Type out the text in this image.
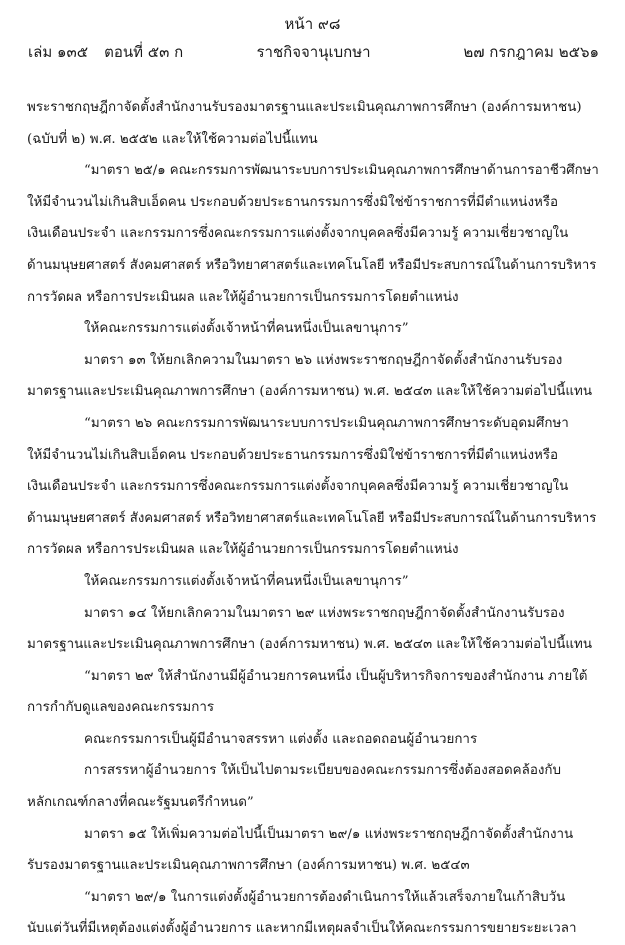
หน้า ๙๘
เล่ม ๑๓๕ ตอนที่ ๕๓ ก	ราชกิจจานุเบกษา	๒๗ กรกฎาคม ๒๕๖๑
พระราชกฤษฎีกาจัดตั้งสำนักงานรับรองมาตรฐานและประเมินคุณภาพการศึกษา (องค์การมหาชน)
(ฉบับที่ ๒) พ.ศ. ๒๕๕๒ และให้ใช้ความต่อไปนี้แทน
“มาตรา ๒๕/๑ คณะกรรมการพัฒนาระบบการประเมินคุณภาพการศึกษาด้านการอาชีวศึกษา
ให้มีจำนวนไม่เกินสิบเอ็ดคน ประกอบด้วยประธานกรรมการซึ่งมิใช่ข้าราชการที่มีตำแหน่งหรือ
เงินเดือนประจำ และกรรมการซึ่งคณะกรรมการแต่งตั้งจากบุคคลซึ่งมีความรู้ ความเชี่ยวชาญใน
ด้านมนุษยศาสตร์ สังคมศาสตร์ หรือวิทยาศาสตร์และเทคโนโลยี หรือมีประสบการณ์ในด้านการบริหาร
การวัดผล หรือการประเมินผล และให้ผู้อำนวยการเป็นกรรมการโดยตำแหน่ง
ให้คณะกรรมการแต่งตั้งเจ้าหน้าที่คนหนึ่งเป็นเลขานุการ”
มาตรา ๑๓ ให้ยกเลิกความในมาตรา ๒๖ แห่งพระราชกฤษฎีกาจัดตั้งสำนักงานรับรอง
มาตรฐานและประเมินคุณภาพการศึกษา (องค์การมหาชน) พ.ศ. ๒๕๔๓ และให้ใช้ความต่อไปนี้แทน
“มาตรา ๒๖ คณะกรรมการพัฒนาระบบการประเมินคุณภาพการศึกษาระดับอุดมศึกษา
ให้มีจำนวนไม่เกินสิบเอ็ดคน ประกอบด้วยประธานกรรมการซึ่งมิใช่ข้าราชการที่มีตำแหน่งหรือ
เงินเดือนประจำ และกรรมการซึ่งคณะกรรมการแต่งตั้งจากบุคคลซึ่งมีความรู้ ความเชี่ยวชาญใน
ด้านมนุษยศาสตร์ สังคมศาสตร์ หรือวิทยาศาสตร์และเทคโนโลยี หรือมีประสบการณ์ในด้านการบริหาร
การวัดผล หรือการประเมินผล และให้ผู้อำนวยการเป็นกรรมการโดยตำแหน่ง
ให้คณะกรรมการแต่งตั้งเจ้าหน้าที่คนหนึ่งเป็นเลขานุการ”
มาตรา ๑๔ ให้ยกเลิกความในมาตรา ๒๙ แห่งพระราชกฤษฎีกาจัดตั้งสำนักงานรับรอง
มาตรฐานและประเมินคุณภาพการศึกษา (องค์การมหาชน) พ.ศ. ๒๕๔๓ และให้ใช้ความต่อไปนี้แทน
“มาตรา ๒๙ ให้สำนักงานมีผู้อำนวยการคนหนึ่ง เป็นผู้บริหารกิจการของสำนักงาน ภายใต้
การกำกับดูแลของคณะกรรมการ
คณะกรรมการเป็นผู้มีอำนาจสรรหา แต่งตั้ง และถอดถอนผู้อำนวยการ
การสรรหาผู้อำนวยการ ให้เป็นไปตามระเบียบของคณะกรรมการซึ่งต้องสอดคล้องกับ
หลักเกณฑ์กลางที่คณะรัฐมนตรีกำหนด”
มาตรา ๑๕ ให้เพิ่มความต่อไปนี้เป็นมาตรา ๒๙/๑ แห่งพระราชกฤษฎีกาจัดตั้งสำนักงาน
รับรองมาตรฐานและประเมินคุณภาพการศึกษา (องค์การมหาชน) พ.ศ. ๒๕๔๓
“มาตรา ๒๙/๑ ในการแต่งตั้งผู้อำนวยการต้องดำเนินการให้แล้วเสร็จภายในเก้าสิบวัน
นับแต่วันที่มีเหตุต้องแต่งตั้งผู้อำนวยการ และหากมีเหตุผลจำเป็นให้คณะกรรมการขยายระยะเวลา
